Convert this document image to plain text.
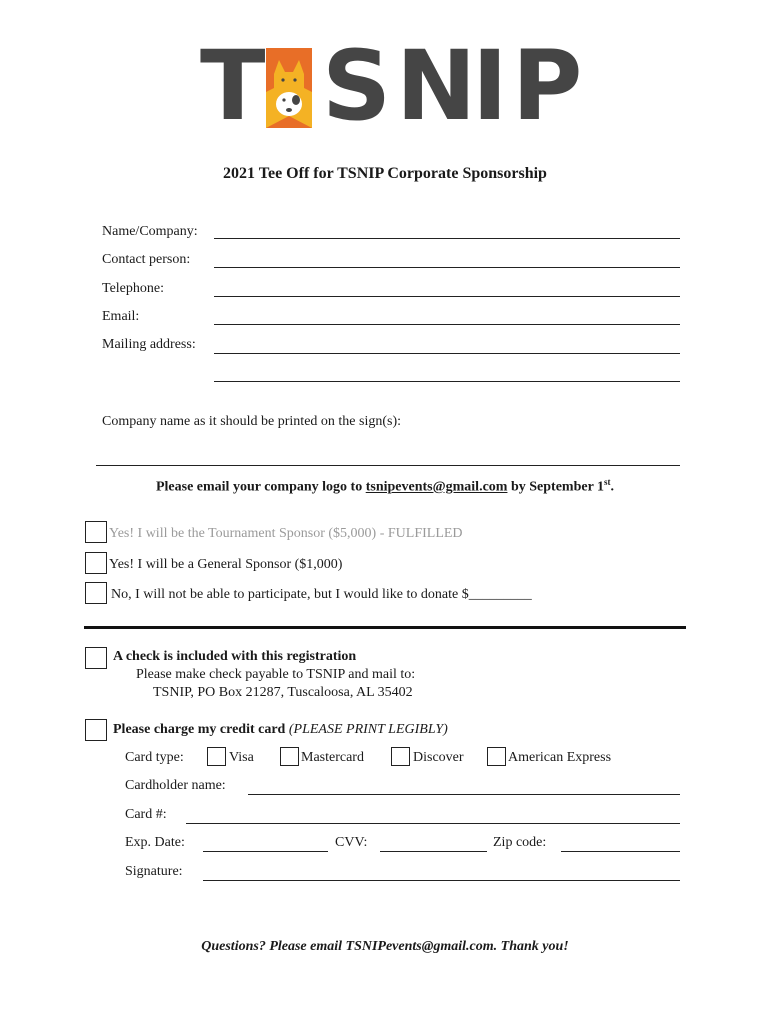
T S N
I P
2021 Tee Off for TSNIP Corporate Sponsorship
Name/Company:
Contact person:
Telephone:
Email:
Mailing address:
Company name as it should be printed on the sign(s):
Please email your company logo to tsnipevents@gmail.com by September 1st.
Yes! I will be the Tournament Sponsor ($5,000) - FULFILLED
Yes! I will be a General Sponsor ($1,000)
No, I will not be able to participate, but I would like to donate $_________
A check is included with this registration
Please make check payable to TSNIP and mail to:
TSNIP, PO Box 21287, Tuscaloosa, AL 35402
Please charge my credit card (PLEASE PRINT LEGIBLY)
Card type:	Visa	Mastercard	Discover	American Express
Cardholder name:
Card #:
Exp. Date:	CVV:	Zip code:
Signature:
Questions? Please email TSNIPevents@gmail.com. Thank you!
